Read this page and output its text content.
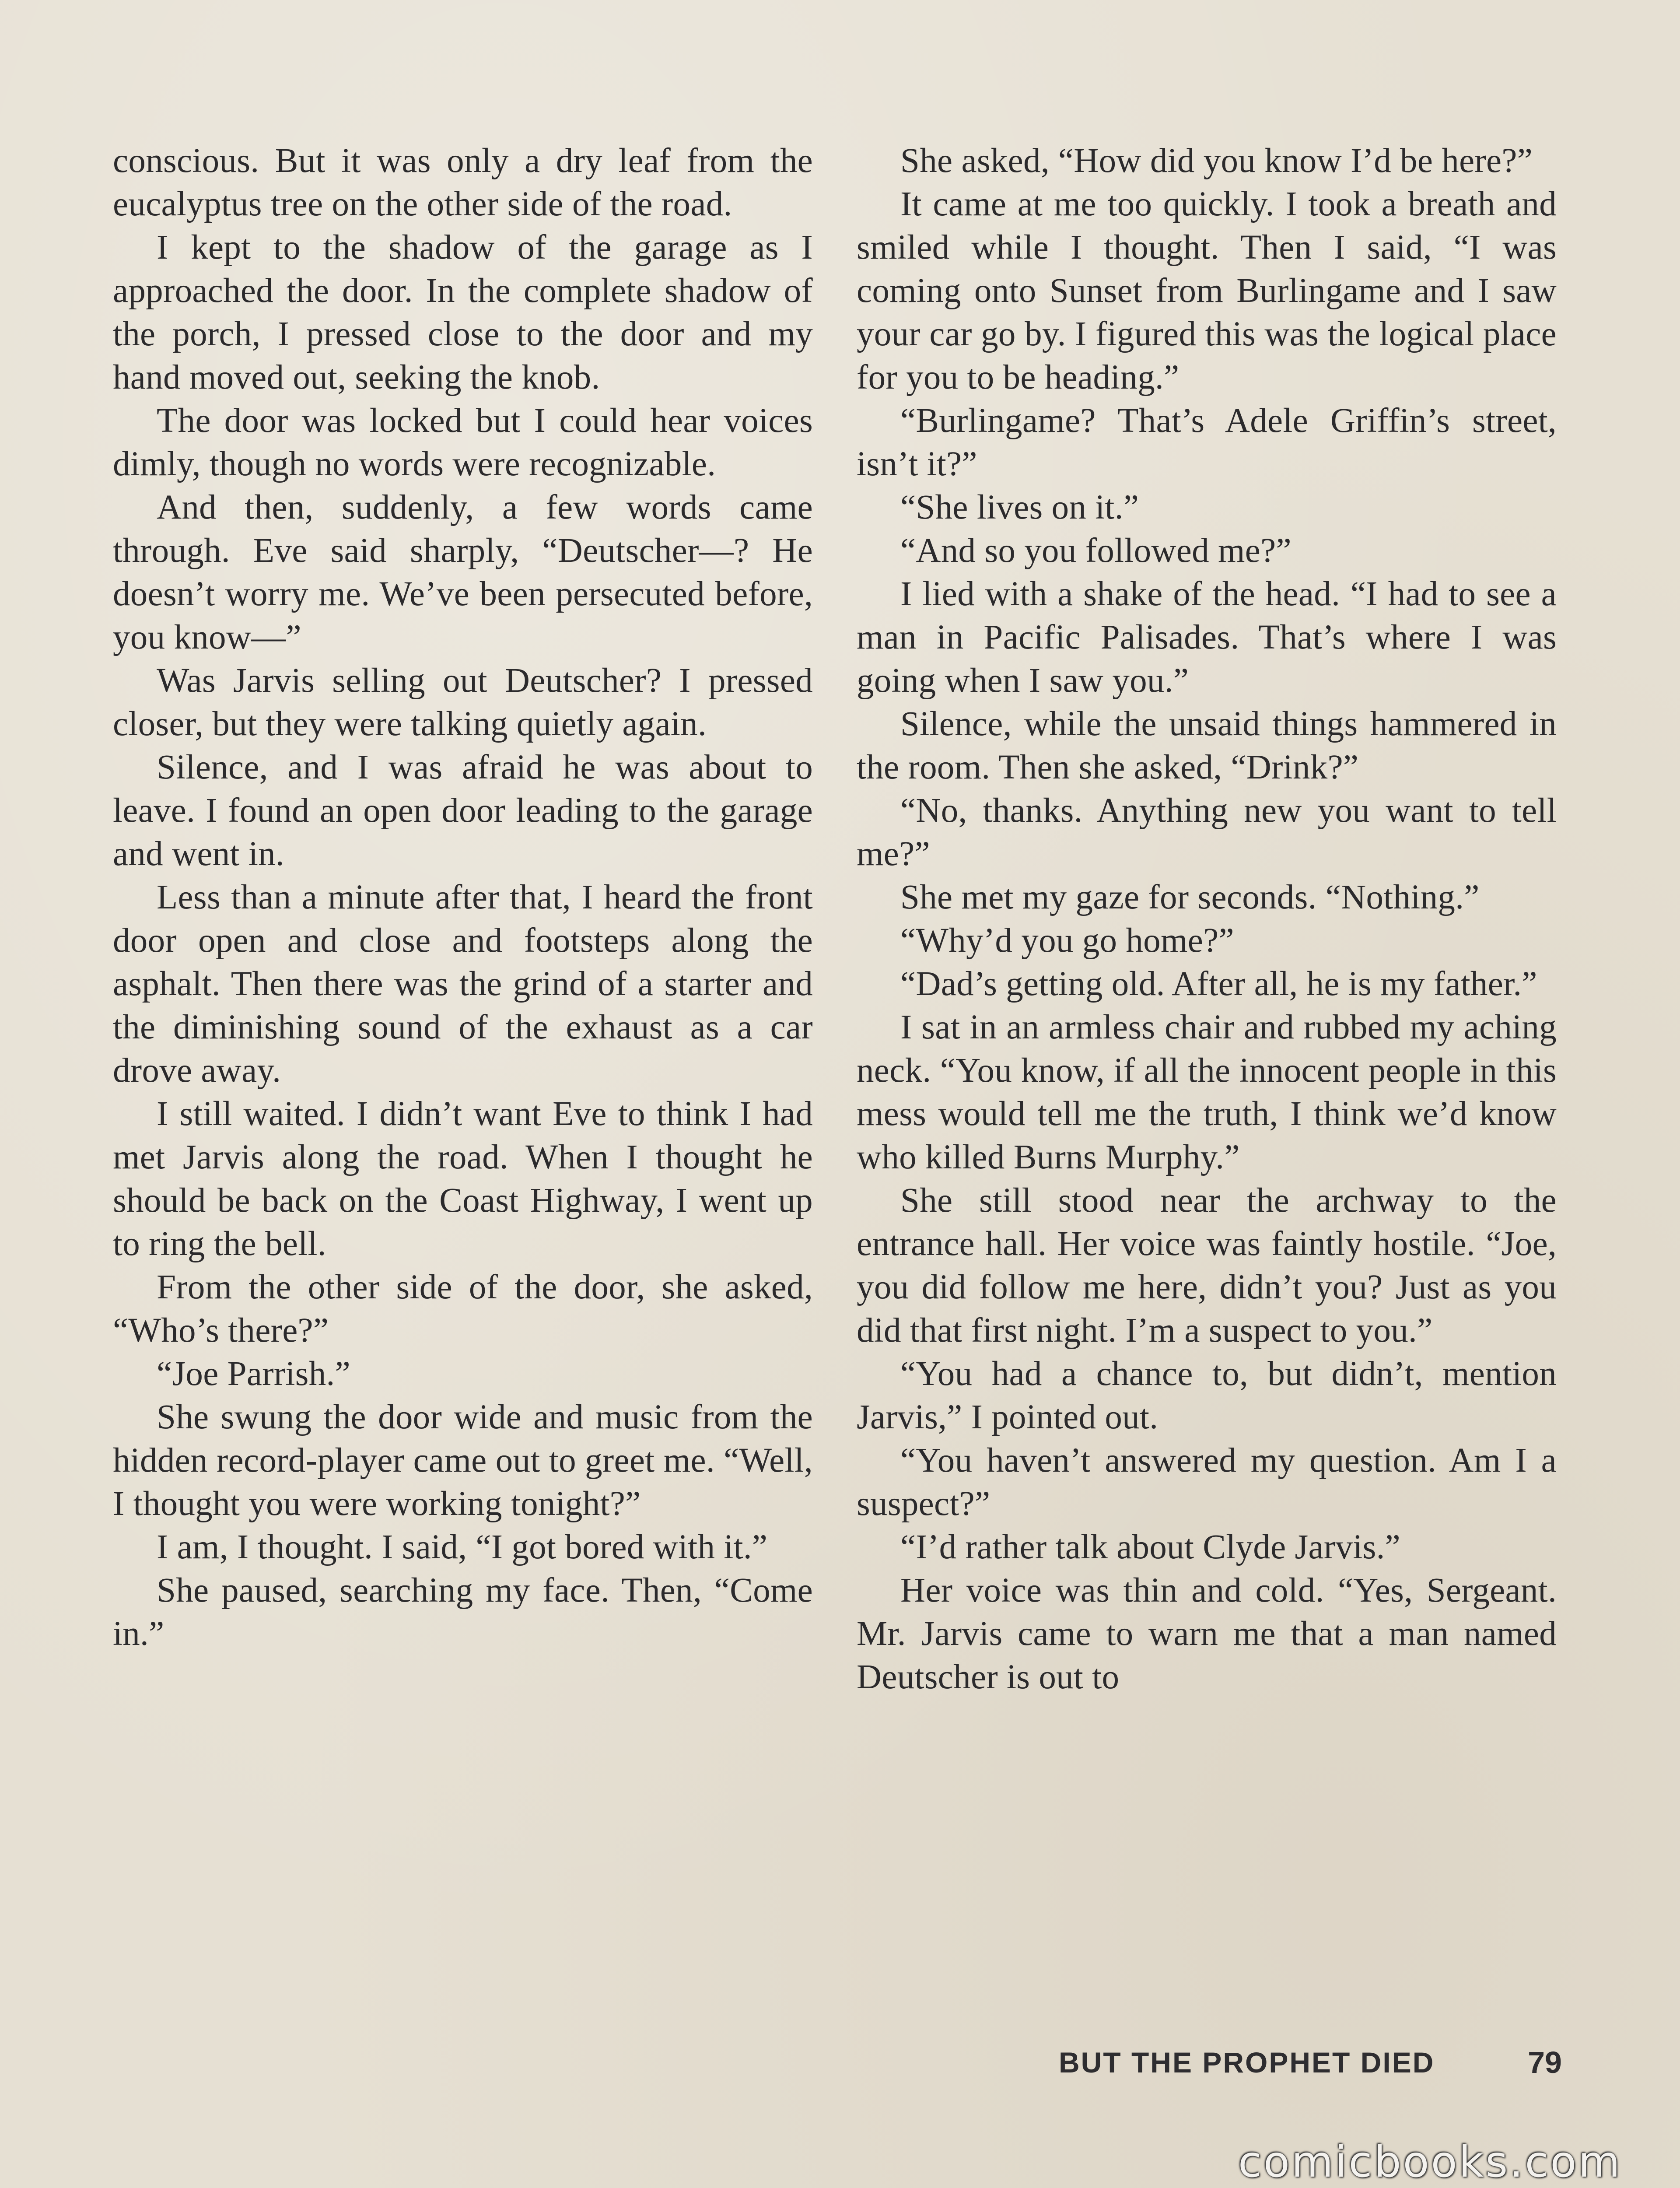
conscious. But it was only a dry leaf from the eucalyptus tree on the other side of the road.

I kept to the shadow of the garage as I approached the door. In the complete shadow of the porch, I pressed close to the door and my hand moved out, seeking the knob.

The door was locked but I could hear voices dimly, though no words were recognizable.

And then, suddenly, a few words came through. Eve said sharply, “Deutscher—? He doesn’t worry me. We’ve been persecuted before, you know—”

Was Jarvis selling out Deutscher? I pressed closer, but they were talking quietly again.

Silence, and I was afraid he was about to leave. I found an open door leading to the garage and went in.

Less than a minute after that, I heard the front door open and close and footsteps along the asphalt. Then there was the grind of a starter and the diminishing sound of the exhaust as a car drove away.

I still waited. I didn’t want Eve to think I had met Jarvis along the road. When I thought he should be back on the Coast Highway, I went up to ring the bell.

From the other side of the door, she asked, “Who’s there?”

“Joe Parrish.”

She swung the door wide and music from the hidden record-player came out to greet me. “Well, I thought you were working tonight?”

I am, I thought. I said, “I got bored with it.”

She paused, searching my face. Then, “Come in.”

She asked, “How did you know I’d be here?”

It came at me too quickly. I took a breath and smiled while I thought. Then I said, “I was coming onto Sunset from Burlingame and I saw your car go by. I figured this was the logical place for you to be heading.”

“Burlingame? That’s Adele Griffin’s street, isn’t it?”

“She lives on it.”

“And so you followed me?”

I lied with a shake of the head. “I had to see a man in Pacific Palisades. That’s where I was going when I saw you.”

Silence, while the unsaid things hammered in the room. Then she asked, “Drink?”

“No, thanks. Anything new you want to tell me?”

She met my gaze for seconds. “Nothing.”

“Why’d you go home?”

“Dad’s getting old. After all, he is my father.”

I sat in an armless chair and rubbed my aching neck. “You know, if all the innocent people in this mess would tell me the truth, I think we’d know who killed Burns Murphy.”

She still stood near the archway to the entrance hall. Her voice was faintly hostile. “Joe, you did follow me here, didn’t you? Just as you did that first night. I’m a suspect to you.”

“You had a chance to, but didn’t, mention Jarvis,” I pointed out.

“You haven’t answered my question. Am I a suspect?”

“I’d rather talk about Clyde Jarvis.”

Her voice was thin and cold. “Yes, Sergeant. Mr. Jarvis came to warn me that a man named Deutscher is out to

BUT THE PROPHET DIED	79
comicbooks.com
